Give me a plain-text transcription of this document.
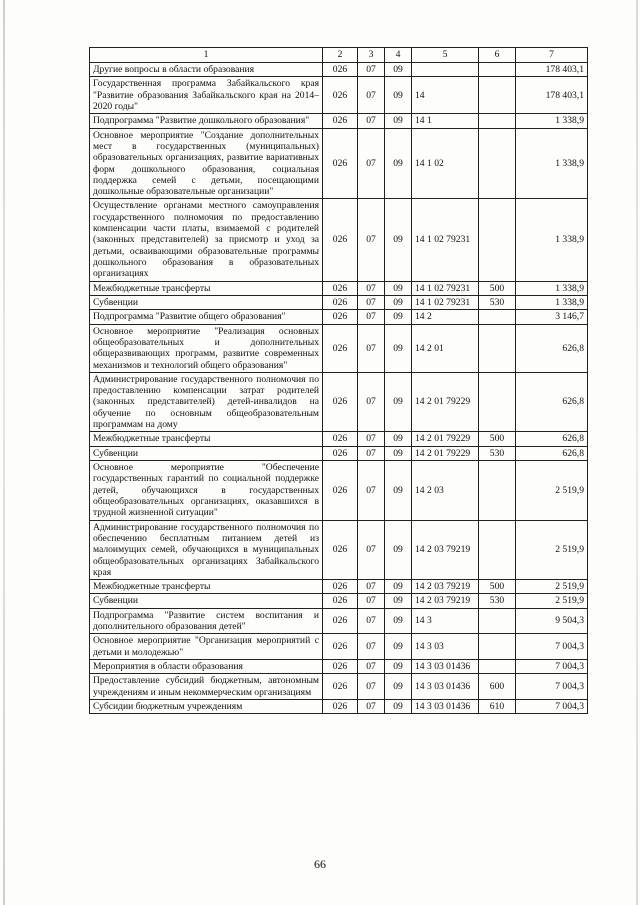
1	2	3	4	5	6	7
Другие вопросы в области образования	026	07	09			178 403,1
Государственная программа Забайкальского края "Развитие образования Забайкальского края на 2014–2020 годы"	026	07	09	14		178 403,1
Подпрограмма "Развитие дошкольного образования"	026	07	09	14 1		1 338,9
Основное мероприятие "Создание дополнительных мест в государственных (муниципальных) образовательных организациях, развитие вариативных форм дошкольного образования, социальная поддержка семей с детьми, посещающими дошкольные образовательные организации"	026	07	09	14 1 02		1 338,9
Осуществление органами местного самоуправления государственного полномочия по предоставлению компенсации части платы, взимаемой с родителей (законных представителей) за присмотр и уход за детьми, осваивающими образовательные программы дошкольного образования в образовательных организациях	026	07	09	14 1 02 79231		1 338,9
Межбюджетные трансферты	026	07	09	14 1 02 79231	500	1 338,9
Субвенции	026	07	09	14 1 02 79231	530	1 338,9
Подпрограмма "Развитие общего образования"	026	07	09	14 2		3 146,7
Основное мероприятие "Реализация основных общеобразовательных и дополнительных общеразвивающих программ, развитие современных механизмов и технологий общего образования"	026	07	09	14 2 01		626,8
Администрирование государственного полномочия по предоставлению компенсации затрат родителей (законных представителей) детей-инвалидов на обучение по основным общеобразовательным программам на дому	026	07	09	14 2 01 79229		626,8
Межбюджетные трансферты	026	07	09	14 2 01 79229	500	626,8
Субвенции	026	07	09	14 2 01 79229	530	626,8
Основное мероприятие "Обеспечение государственных гарантий по социальной поддержке детей, обучающихся в государственных общеобразовательных организациях, оказавшихся в трудной жизненной ситуации"	026	07	09	14 2 03		2 519,9
Администрирование государственного полномочия по обеспечению бесплатным питанием детей из малоимущих семей, обучающихся в муниципальных общеобразовательных организациях Забайкальского края	026	07	09	14 2 03 79219		2 519,9
Межбюджетные трансферты	026	07	09	14 2 03 79219	500	2 519,9
Субвенции	026	07	09	14 2 03 79219	530	2 519,9
Подпрограмма "Развитие систем воспитания и дополнительного образования детей"	026	07	09	14 3		9 504,3
Основное мероприятие "Организация мероприятий с детьми и молодежью"	026	07	09	14 3 03		7 004,3
Мероприятия в области образования	026	07	09	14 3 03 01436		7 004,3
Предоставление субсидий бюджетным, автономным учреждениям и иным некоммерческим организациям	026	07	09	14 3 03 01436	600	7 004,3
Субсидии бюджетным учреждениям	026	07	09	14 3 03 01436	610	7 004,3
66
